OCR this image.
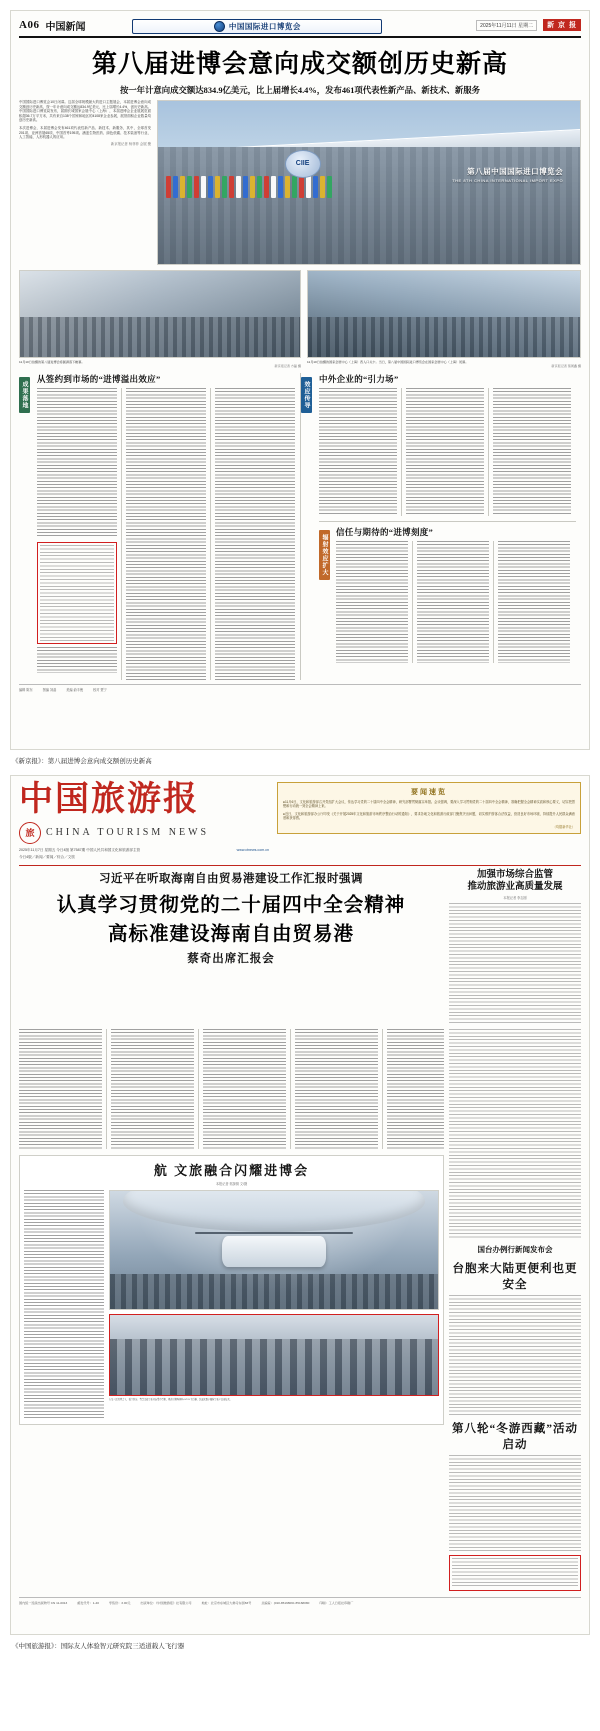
A06 中国新闻	中国国际进口博览会	2025年11月11日 星期二	新 京 报
第八届进博会意向成交额创历史新高
按一年计意向成交额达834.9亿美元，比上届增长4.4%，发布461项代表性新产品、新技术、新服务
中国国际进口博览会10日闭幕。这届全球规模最大的进口主题展会，本届进博会意向成交额创历史新高，按一年计意向成交额达834.9亿美元，比上届增长4.4%，创历史新高。中国国际进口博览局发布，届期长城国家会展中心（上海），本届进博会企业展展览面积超36.7万平方米，共有来自138个国家和地区的4108家企业参展，展馆面积企业数量均创历史新高。
本次进博会，本届进博会发布461项代表性新产品、新技术、新服务，其中，全球首发201项、亚洲首展65项、中国首秀195项。涵盖生物医药、绿色低碳、技术装备等行业、人工智能、人形机器人的应用。
新京报记者 杨菲菲 会展 聚
CIIE
第八届中国国际进口博览会
THE 8TH CHINA INTERNATIONAL IMPORT EXPO
11月10日拍摄的第八届进博会将圆满落下帷幕。
新京报记者 方磊 摄
11月10日拍摄的国家会展中心（上海）西入口关卡。当日，第八届中国国际进口博览会在国家会展中心（上海）闭幕。
新京报记者 蔡周鑫 摄
成果落地
从签约到市场的“进博溢出效应”
效应传导
中外企业的“引力场”
辐射效应扩大
信任与期待的“进博刻度”
编辑 陈东	图编 刘晶	美编 俞丰俊	校对 贾宁
《新京报》：第八届进博会意向成交额创历史新高
中国旅游报
旅	CHINA TOURISM NEWS
2025年11月7日 星期五 今日4版 第7587期 中国人民共和国文化和旅游部主管	www.ctnews.com.cn
今日4版／新闻／要闻／综合／文旅
要闻速览
●11月6日，文化和旅游部召开党组扩大会议，传达学习党的二十届四中全会精神，研究部署贯彻落实举措。会议强调，要深入学习贯彻党的二十届四中全会精神，准确把握全会精神实质和核心要义，切实把思想和行动统一到全会精神上来。
●近日，文化和旅游部办公厅印发《关于开展2025年文化和旅游市场秩序整治行动的通知》，要求各地文化和旅游行政部门聚焦突出问题，切实维护游客合法权益，营造良好市场环境，持续提升人民群众满意度和获得感。
（均据新华社）
习近平在听取海南自由贸易港建设工作汇报时强调
认真学习贯彻党的二十届四中全会精神
高标准建设海南自由贸易港
蔡奇出席汇报会
加强市场综合监管
推动旅游业高质量发展
本报记者 李志刚
航 文旅融合闪耀进博会
本报记者 郭探微 文/摄
在第八届进博会上，低空经济、智慧文旅等新业态集中亮相，观众可现场体验eVTOL飞行器、沉浸式数字展陈等新产品新技术。
国台办例行新闻发布会
台胞来大陆更便利也更安全
第八轮“冬游西藏”活动启动
国内统一连续出版物号 CN 11-0013	邮发代号：1-40	零售价：3.00元	出版单位：《中国旅游报》社有限公司	地址：北京市东城区大佛寺东街83号	总编室：(010-85168061 85168080	印刷：工人日报社印刷厂
《中国旅游报》：国际友人体验智元研究院三适道载人飞行器
